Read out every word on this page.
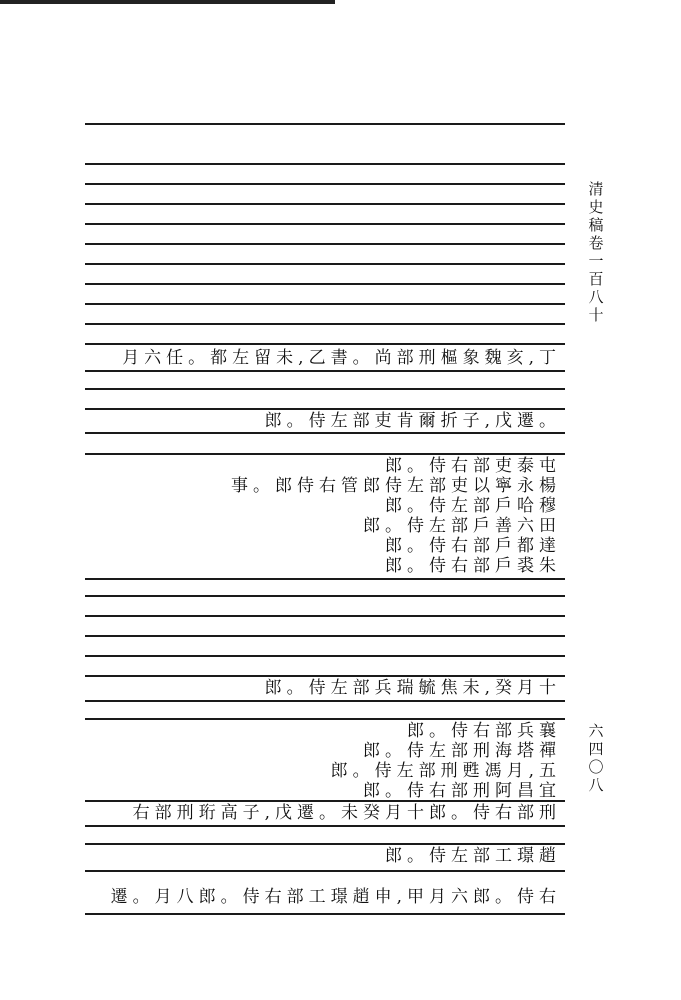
月六任。都左留未,乙書。尚部刑樞象魏亥,丁
郎。侍左部吏肯爾折子,戊遷。
郎。侍右部吏泰屯
事。郎侍右管郎侍左部吏以寧永楊
郎。侍左部戶哈穆
郎。侍左部戶善六田
郎。侍右部戶都達
郎。侍右部戶裘朱
郎。侍左部兵瑞毓焦未,癸月十
郎。侍右部兵襄
郎。侍左部刑海塔禪
郎。侍左部刑甦馮月,五
郎。侍右部刑阿昌宜
右部刑珩高子,戊遷。未癸月十郎。侍右部刑
郎。侍左部工璟趙
遷。月八郎。侍右部工璟趙申,甲月六郎。侍右
清史稿卷一百八十
六四〇八
